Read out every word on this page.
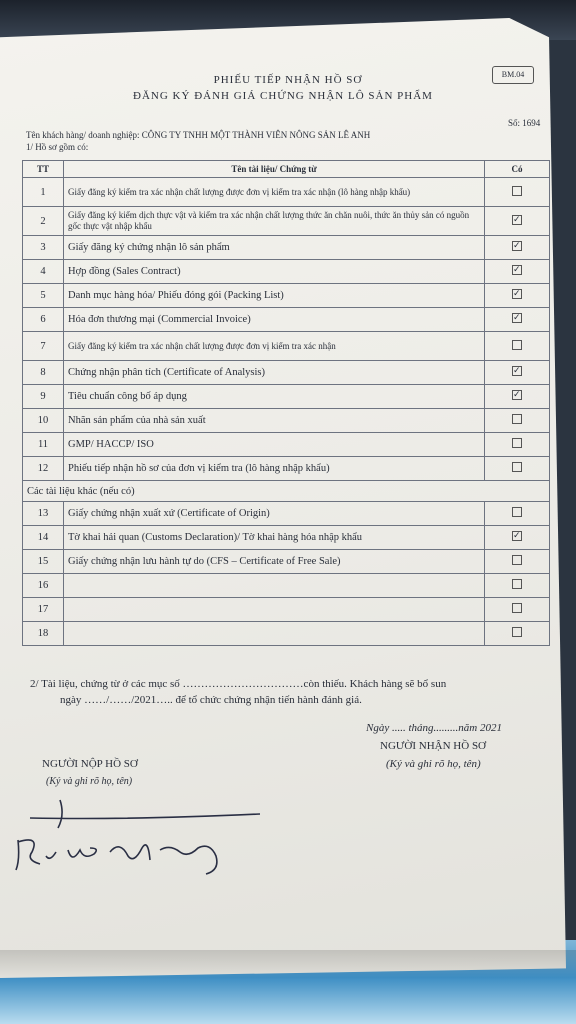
BM.04
PHIẾU TIẾP NHẬN HỒ SƠ
ĐĂNG KÝ ĐÁNH GIÁ CHỨNG NHẬN LÔ SẢN PHẨM
Số: 1694
Tên khách hàng/ doanh nghiệp: CÔNG TY TNHH MỘT THÀNH VIÊN NÔNG SẢN LÊ ANH
1/ Hồ sơ gồm có:
TT	Tên tài liệu/ Chứng từ	Có
1	Giấy đăng ký kiểm tra xác nhận chất lượng được đơn vị kiểm tra xác nhận (lô hàng nhập khẩu)	
2	Giấy đăng ký kiểm dịch thực vật và kiểm tra xác nhận chất lượng thức ăn chăn nuôi, thức ăn thủy sản có nguồn gốc thực vật nhập khẩu	✓
3	Giấy đăng ký chứng nhận lô sản phẩm	✓
4	Hợp đồng (Sales Contract)	✓
5	Danh mục hàng hóa/ Phiếu đóng gói (Packing List)	✓
6	Hóa đơn thương mại (Commercial Invoice)	✓
7	Giấy đăng ký kiểm tra xác nhận chất lượng được đơn vị kiểm tra xác nhận	
8	Chứng nhận phân tích (Certificate of Analysis)	✓
9	Tiêu chuẩn công bố áp dụng	✓
10	Nhãn sản phẩm của nhà sản xuất	
11	GMP/ HACCP/ ISO	
12	Phiếu tiếp nhận hồ sơ của đơn vị kiểm tra (lô hàng nhập khẩu)	
Các tài liệu khác (nếu có)		
13	Giấy chứng nhận xuất xứ (Certificate of Origin)	
14	Tờ khai hải quan (Customs Declaration)/ Tờ khai hàng hóa nhập khẩu	✓
15	Giấy chứng nhận lưu hành tự do (CFS – Certificate of Free Sale)	
16		
17		
18		
2/ Tài liệu, chứng từ ở các mục số ……………………………còn thiếu. Khách hàng sẽ bổ sun
ngày ……/……/2021….. để tổ chức chứng nhận tiến hành đánh giá.
Ngày ..... tháng.........năm 2021
NGƯỜI NHẬN HỒ SƠ
(Ký và ghi rõ họ, tên)
NGƯỜI NỘP HỒ SƠ
(Ký và ghi rõ họ, tên)
